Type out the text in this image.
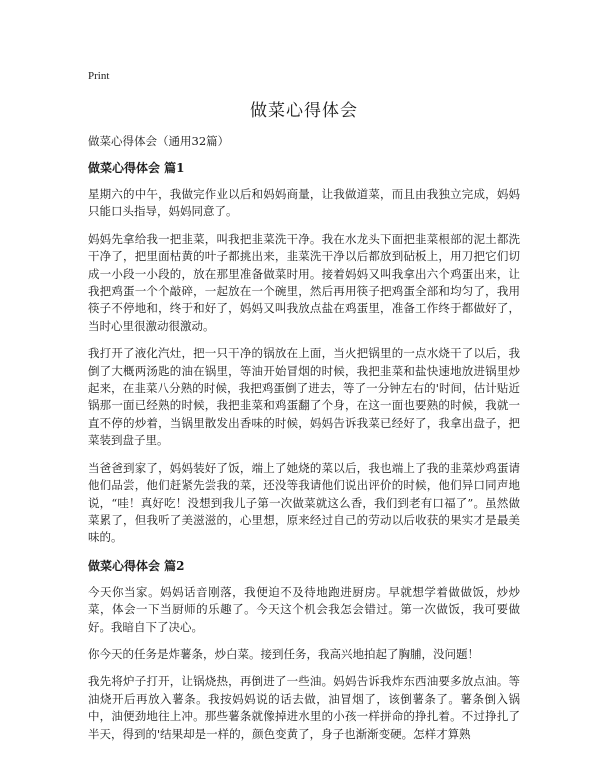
Print
做菜心得体会
做菜心得体会（通用32篇）
做菜心得体会 篇1

星期六的中午，我做完作业以后和妈妈商量，让我做道菜，而且由我独立完成，妈妈只能口头指导，妈妈同意了。

妈妈先拿给我一把韭菜，叫我把韭菜洗干净。我在水龙头下面把韭菜根部的泥土都洗干净了，把里面枯黄的叶子都挑出来，韭菜洗干净以后都放到砧板上，用刀把它们切成一小段一小段的，放在那里准备做菜时用。接着妈妈又叫我拿出六个鸡蛋出来，让我把鸡蛋一个个敲碎，一起放在一个碗里，然后再用筷子把鸡蛋全部和均匀了，我用筷子不停地和，终于和好了，妈妈又叫我放点盐在鸡蛋里，准备工作终于都做好了，当时心里很激动很激动。

我打开了液化汽灶，把一只干净的锅放在上面，当火把锅里的一点水烧干了以后，我倒了大概两汤匙的油在锅里，等油开始冒烟的时候，我把韭菜和盐快速地放进锅里炒起来，在韭菜八分熟的时候，我把鸡蛋倒了进去，等了一分钟左右的'时间，估计贴近锅那一面已经熟的时候，我把韭菜和鸡蛋翻了个身，在这一面也要熟的时候，我就一直不停的炒着，当锅里散发出香味的时候，妈妈告诉我菜已经好了，我拿出盘子，把菜装到盘子里。

当爸爸到家了，妈妈装好了饭，端上了她烧的菜以后，我也端上了我的韭菜炒鸡蛋请他们品尝，他们赶紧先尝我的菜，还没等我请他们说出评价的时候，他们异口同声地说，“哇！真好吃！没想到我儿子第一次做菜就这么香，我们到老有口福了”。虽然做菜累了，但我听了美滋滋的，心里想，原来经过自己的劳动以后收获的果实才是最美味的。

做菜心得体会 篇2

今天你当家。妈妈话音刚落，我便迫不及待地跑进厨房。早就想学着做做饭，炒炒菜，体会一下当厨师的乐趣了。今天这个机会我怎会错过。第一次做饭，我可要做好。我暗自下了决心。

你今天的任务是炸薯条，炒白菜。接到任务，我高兴地拍起了胸脯，没问题！

我先将炉子打开，让锅烧热，再倒进了一些油。妈妈告诉我炸东西油要多放点油。等油烧开后再放入薯条。我按妈妈说的话去做，油冒烟了，该倒薯条了。薯条倒入锅中，油便劲地往上冲。那些薯条就像掉进水里的小孩一样拼命的挣扎着。不过挣扎了半天，得到的'结果却是一样的，颜色变黄了，身子也渐渐变硬。怎样才算熟
